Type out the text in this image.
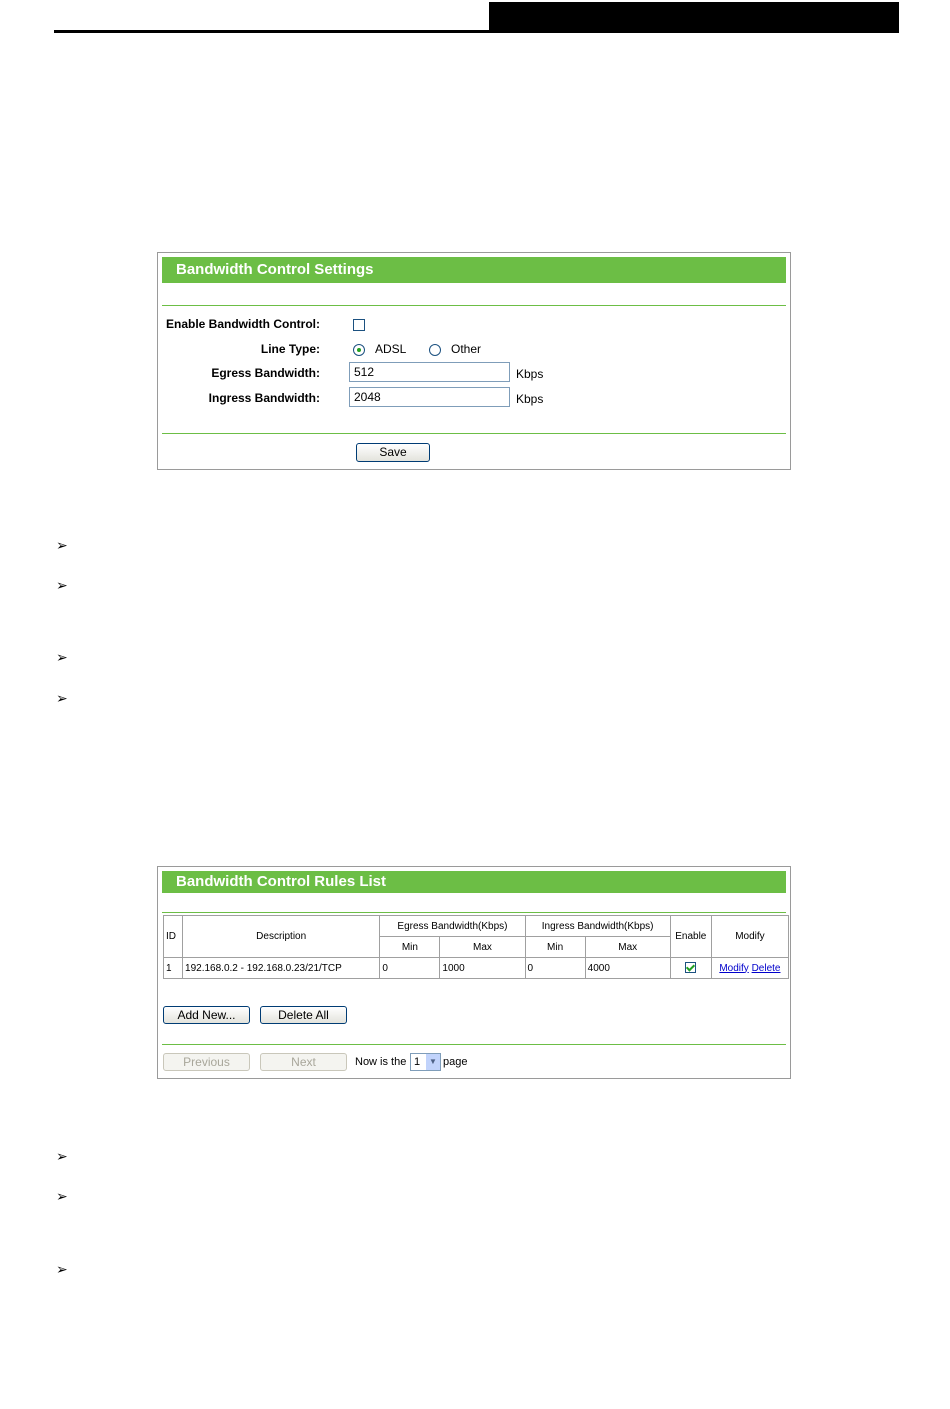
Bandwidth Control Settings
Enable Bandwidth Control:
Line Type:	ADSL	Other
Egress Bandwidth:	512	Kbps
Ingress Bandwidth:	2048	Kbps
Save
➢
➢
➢
➢
Bandwidth Control Rules List
ID	Description	Egress Bandwidth(Kbps)		Ingress Bandwidth(Kbps)		Enable	Modify
		Min	Max	Min	Max		
1	192.168.0.2 - 192.168.0.23/21/TCP	0	1000	0	4000		Modify Delete
Add New...	Delete All
Previous	Next	Now is the 1	▼ page
➢
➢
➢
